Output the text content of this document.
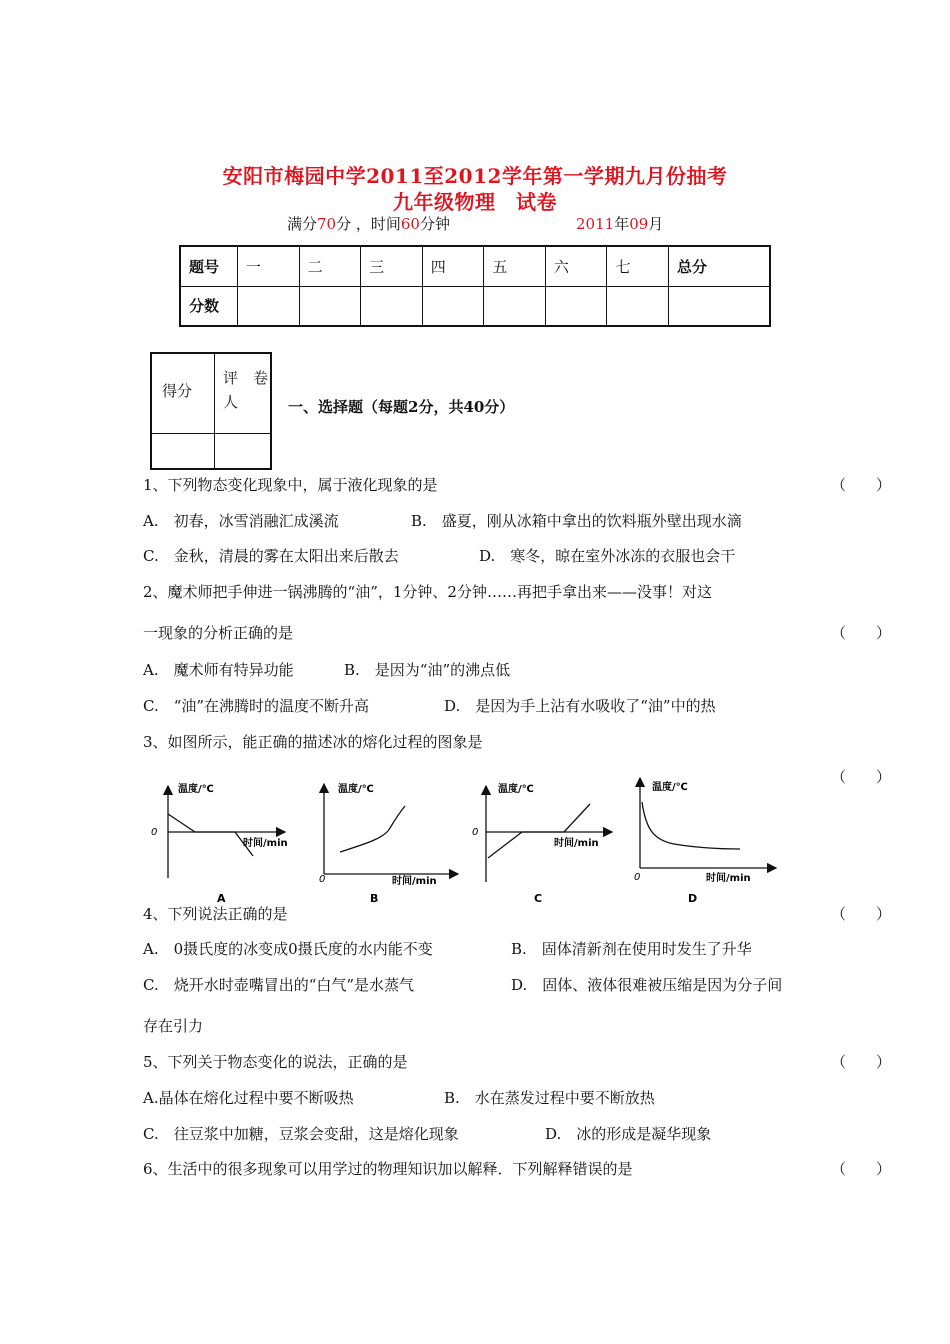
安阳市梅园中学2011至2012学年第一学期九月份抽考
九年级物理　试卷
满分70分 ，时间60分钟	2011年09月
题号	一	二	三	四	五	六	七	总分
分数								
得分	评　卷
人

		一、选择题（每题2分，共40分）
1、下列物态变化现象中，属于液化现象的是	（　　）
A.　初春，冰雪消融汇成溪流	B.　盛夏，刚从冰箱中拿出的饮料瓶外壁出现水滴
C.　金秋，清晨的雾在太阳出来后散去	D.　寒冬，晾在室外冰冻的衣服也会干
2、魔术师把手伸进一锅沸腾的“油”，1分钟、2分钟……再把手拿出来——没事！对这
一现象的分析正确的是	（　　）
A.　魔术师有特异功能	B.　是因为“油”的沸点低
C.　“油”在沸腾时的温度不断升高	D.　是因为手上沾有水吸收了“油”中的热
3、如图所示，能正确的描述冰的熔化过程的图象是
（　　）
温度/℃
0
时间/min
A
温度/℃
0	时间/min
B
温度/℃
0
时间/min
C
温度/℃
0	时间/min
D
4、下列说法正确的是	（　　）
A.　0摄氏度的冰变成0摄氏度的水内能不变	B.　固体清新剂在使用时发生了升华
C.　烧开水时壶嘴冒出的“白气”是水蒸气	D.　固体、液体很难被压缩是因为分子间
存在引力
5、下列关于物态变化的说法，正确的是	（　　）
A.晶体在熔化过程中要不断吸热	B.　水在蒸发过程中要不断放热
C.　往豆浆中加糖，豆浆会变甜，这是熔化现象	D.　冰的形成是凝华现象
6、生活中的很多现象可以用学过的物理知识加以解释．下列解释错误的是	（　　）
